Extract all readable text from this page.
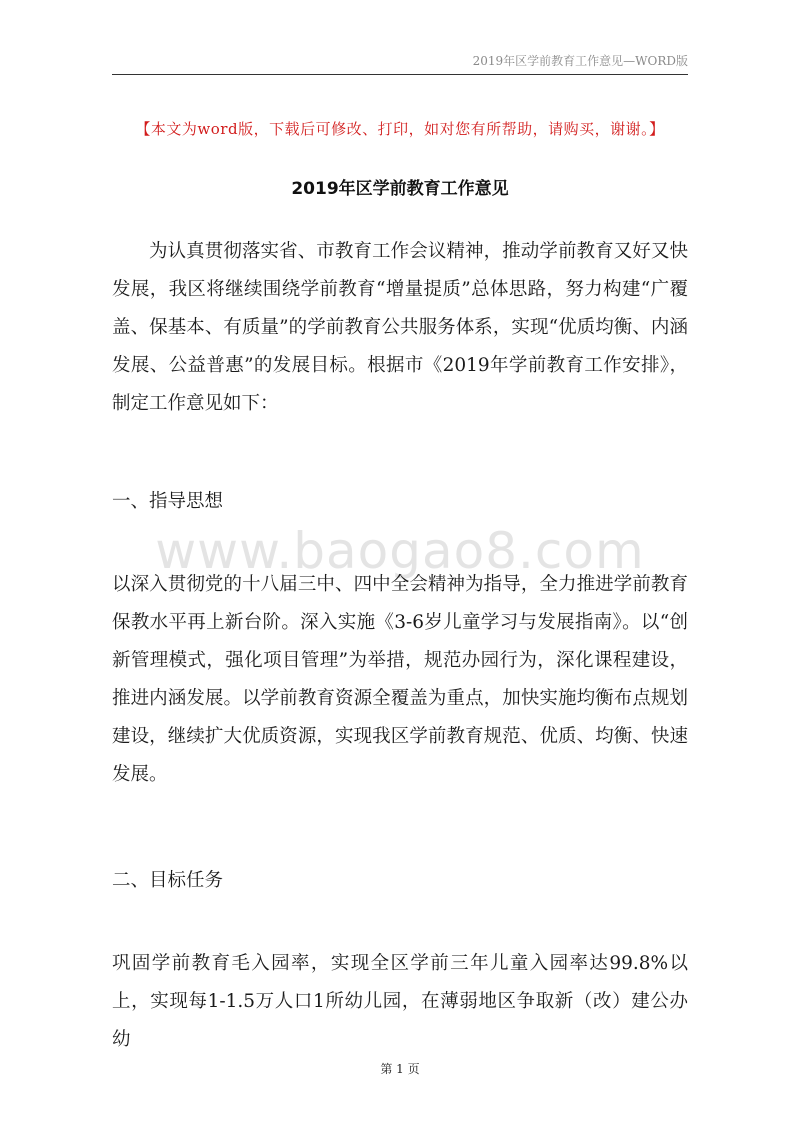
2019年区学前教育工作意见—WORD版
【本文为word版，下载后可修改、打印，如对您有所帮助，请购买，谢谢。】
2019年区学前教育工作意见
为认真贯彻落实省、市教育工作会议精神，推动学前教育又好又快发展，我区将继续围绕学前教育“增量提质”总体思路，努力构建“广覆盖、保基本、有质量”的学前教育公共服务体系，实现“优质均衡、内涵发展、公益普惠”的发展目标。根据市《2019年学前教育工作安排》，制定工作意见如下：
一、指导思想
www.baogao8.com
以深入贯彻党的十八届三中、四中全会精神为指导，全力推进学前教育保教水平再上新台阶。深入实施《3-6岁儿童学习与发展指南》。以“创新管理模式，强化项目管理”为举措，规范办园行为，深化课程建设，推进内涵发展。以学前教育资源全覆盖为重点，加快实施均衡布点规划建设，继续扩大优质资源，实现我区学前教育规范、优质、均衡、快速发展。
二、目标任务
巩固学前教育毛入园率，实现全区学前三年儿童入园率达99.8%以上，实现每1-1.5万人口1所幼儿园，在薄弱地区争取新（改）建公办幼
第 1 页
